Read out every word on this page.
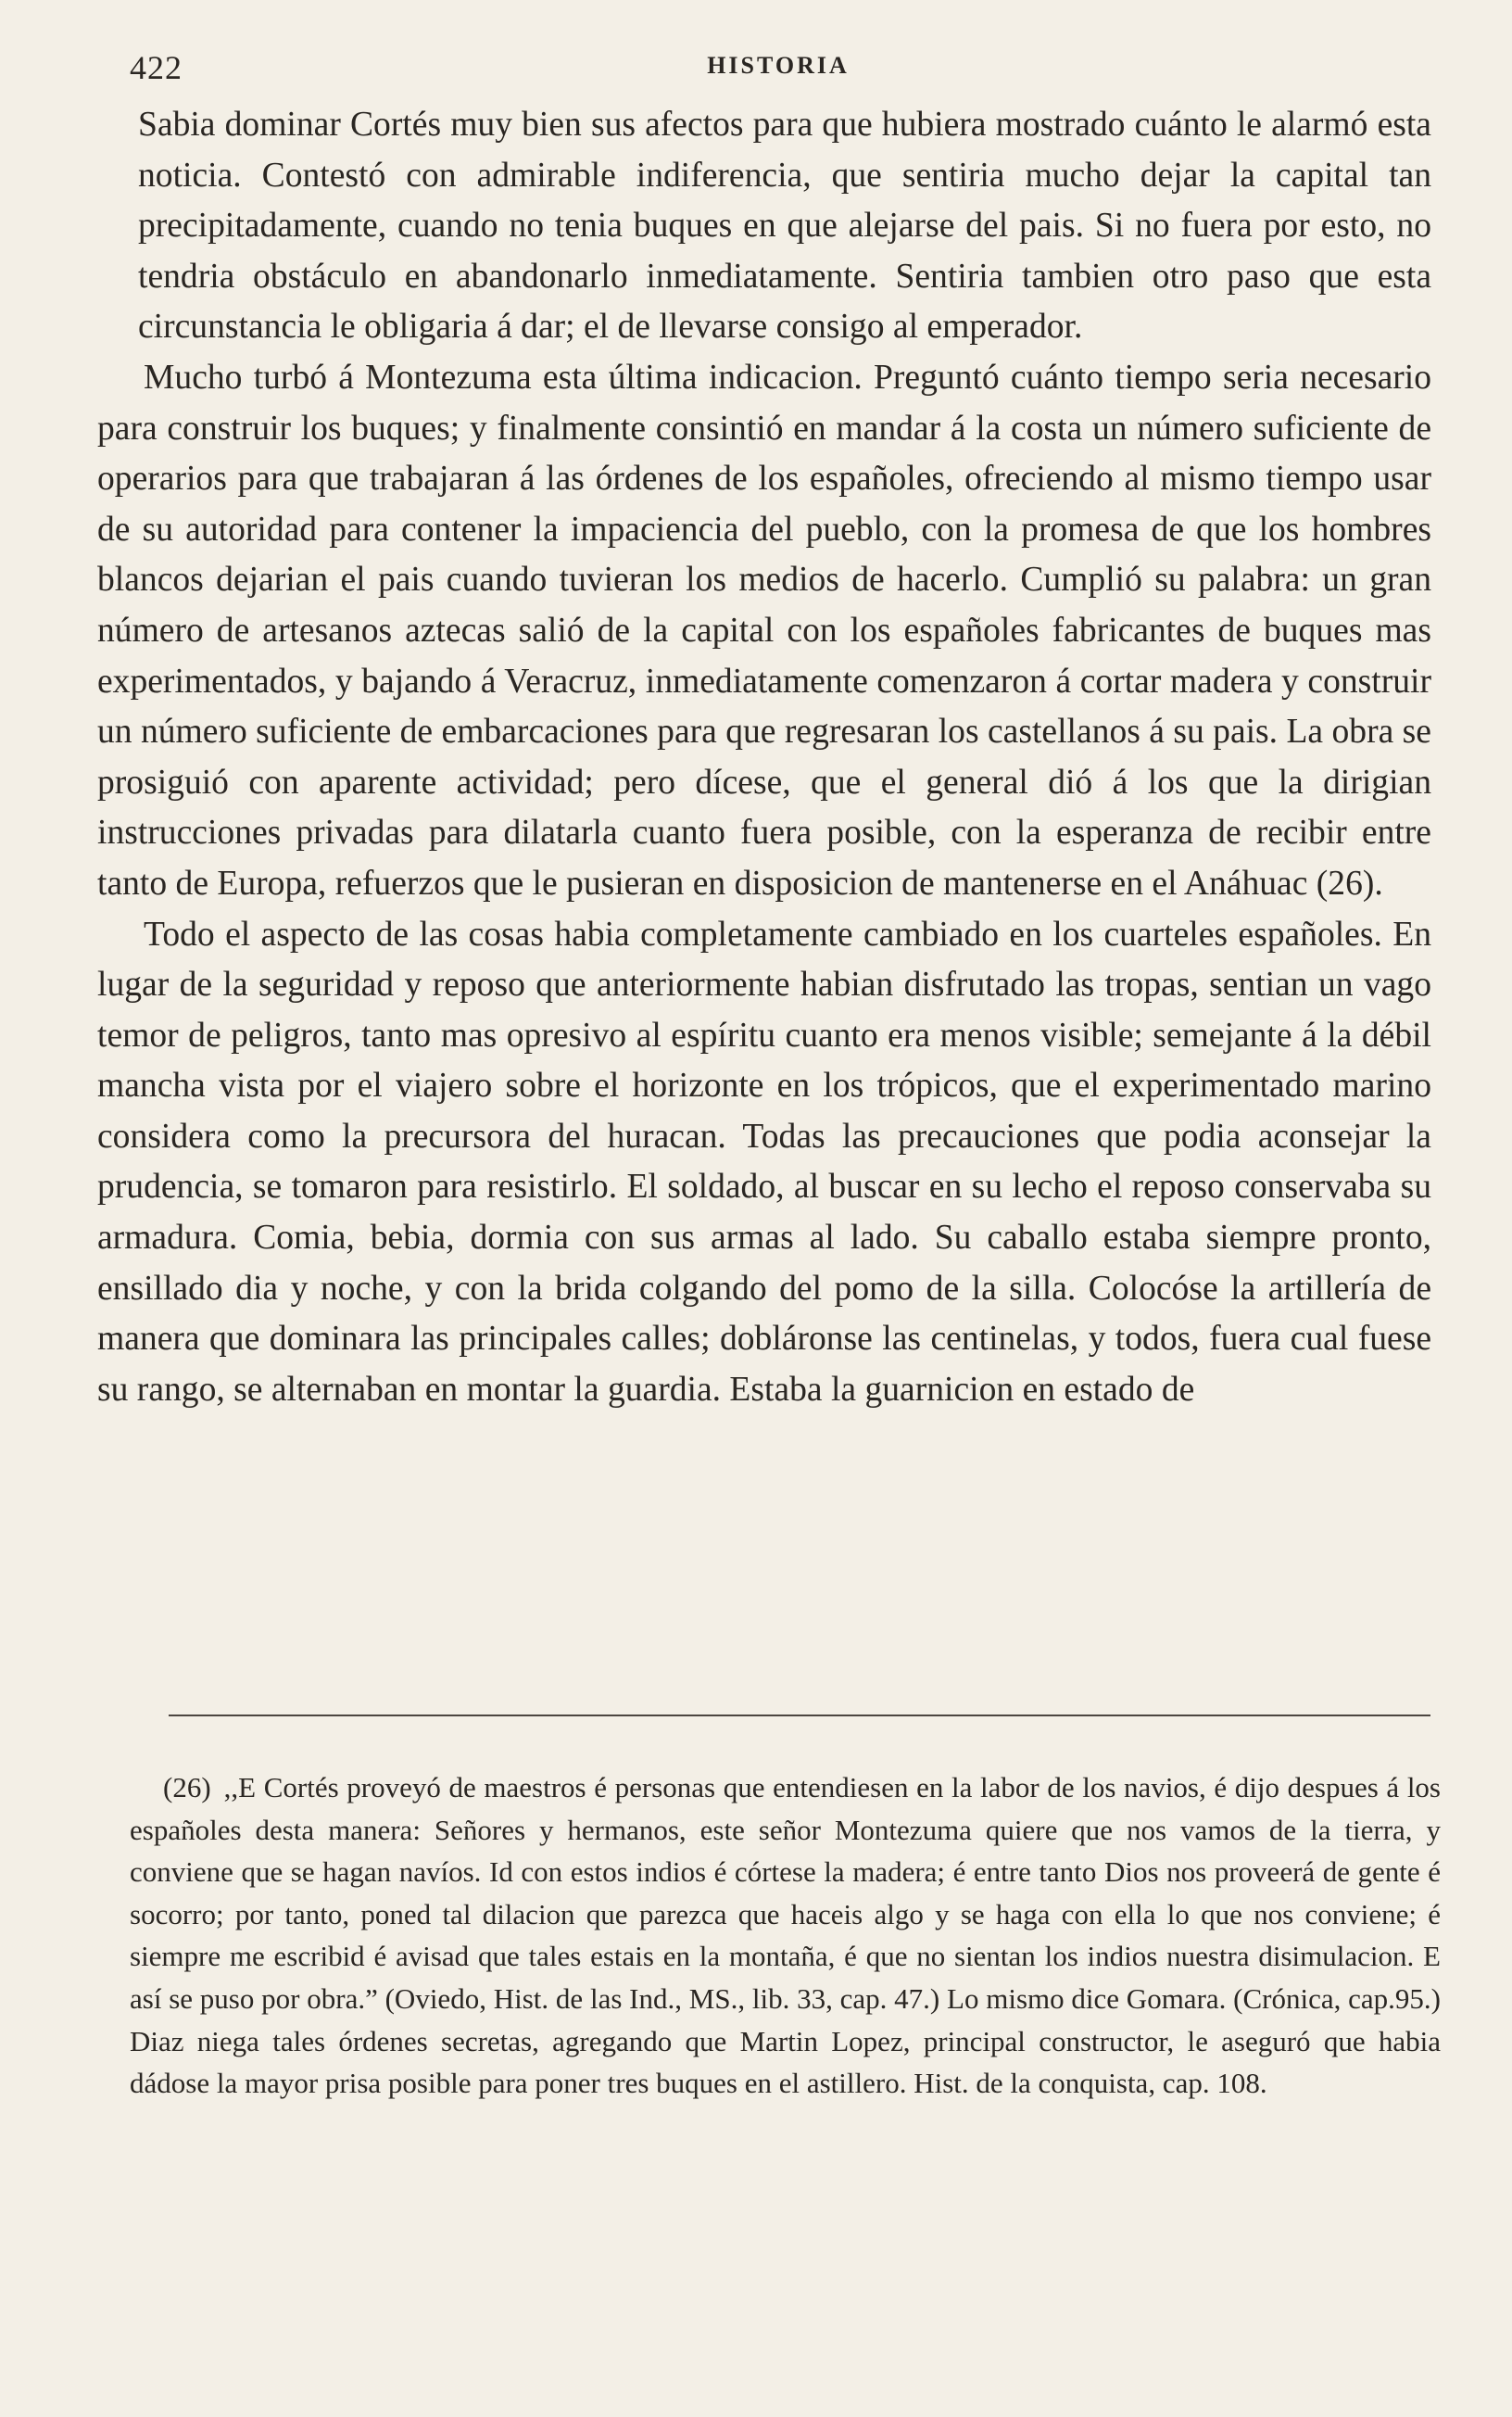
422	HISTORIA

Sabia dominar Cortés muy bien sus afectos para que hubiera mostrado cuánto le alarmó esta noticia. Contestó con admirable indiferencia, que sentiria mucho dejar la capital tan precipitadamente, cuando no tenia buques en que alejarse del pais. Si no fuera por esto, no tendria obstáculo en abandonarlo inmediatamente. Sentiria tambien otro paso que esta circunstancia le obligaria á dar; el de llevarse consigo al emperador.

Mucho turbó á Montezuma esta última indicacion. Preguntó cuánto tiempo seria necesario para construir los buques; y finalmente consintió en mandar á la costa un número suficiente de operarios para que trabajaran á las órdenes de los españoles, ofreciendo al mismo tiempo usar de su autoridad para contener la impaciencia del pueblo, con la promesa de que los hombres blancos dejarian el pais cuando tuvieran los medios de hacerlo. Cumplió su palabra: un gran número de artesanos aztecas salió de la capital con los españoles fabricantes de buques mas experimentados, y bajando á Veracruz, inmediatamente comenzaron á cortar madera y construir un número suficiente de embarcaciones para que regresaran los castellanos á su pais. La obra se prosiguió con aparente actividad; pero dícese, que el general dió á los que la dirigian instrucciones privadas para dilatarla cuanto fuera posible, con la esperanza de recibir entre tanto de Europa, refuerzos que le pusieran en disposicion de mantenerse en el Anáhuac (26).

Todo el aspecto de las cosas habia completamente cambiado en los cuarteles españoles. En lugar de la seguridad y reposo que anteriormente habian disfrutado las tropas, sentian un vago temor de peligros, tanto mas opresivo al espíritu cuanto era menos visible; semejante á la débil mancha vista por el viajero sobre el horizonte en los trópicos, que el experimentado marino considera como la precursora del huracan. Todas las precauciones que podia aconsejar la prudencia, se tomaron para resistirlo. El soldado, al buscar en su lecho el reposo conservaba su armadura. Comia, bebia, dormia con sus armas al lado. Su caballo estaba siempre pronto, ensillado dia y noche, y con la brida colgando del pomo de la silla. Colocóse la artillería de manera que dominara las principales calles; dobláronse las centinelas, y todos, fuera cual fuese su rango, se alternaban en montar la guardia. Estaba la guarnicion en estado de

(26) ,,E Cortés proveyó de maestros é personas que entendiesen en la labor de los navios, é dijo despues á los españoles desta manera: Señores y hermanos, este señor Montezuma quiere que nos vamos de la tierra, y conviene que se hagan navíos. Id con estos indios é córtese la madera; é entre tanto Dios nos proveerá de gente é socorro; por tanto, poned tal dilacion que parezca que haceis algo y se haga con ella lo que nos conviene; é siempre me escribid é avisad que tales estais en la montaña, é que no sientan los indios nuestra disimulacion. E así se puso por obra.” (Oviedo, Hist. de las Ind., MS., lib. 33, cap. 47.) Lo mismo dice Gomara. (Crónica, cap.95.) Diaz niega tales órdenes secretas, agregando que Martin Lopez, principal constructor, le aseguró que habia dádose la mayor prisa posible para poner tres buques en el astillero. Hist. de la conquista, cap. 108.
